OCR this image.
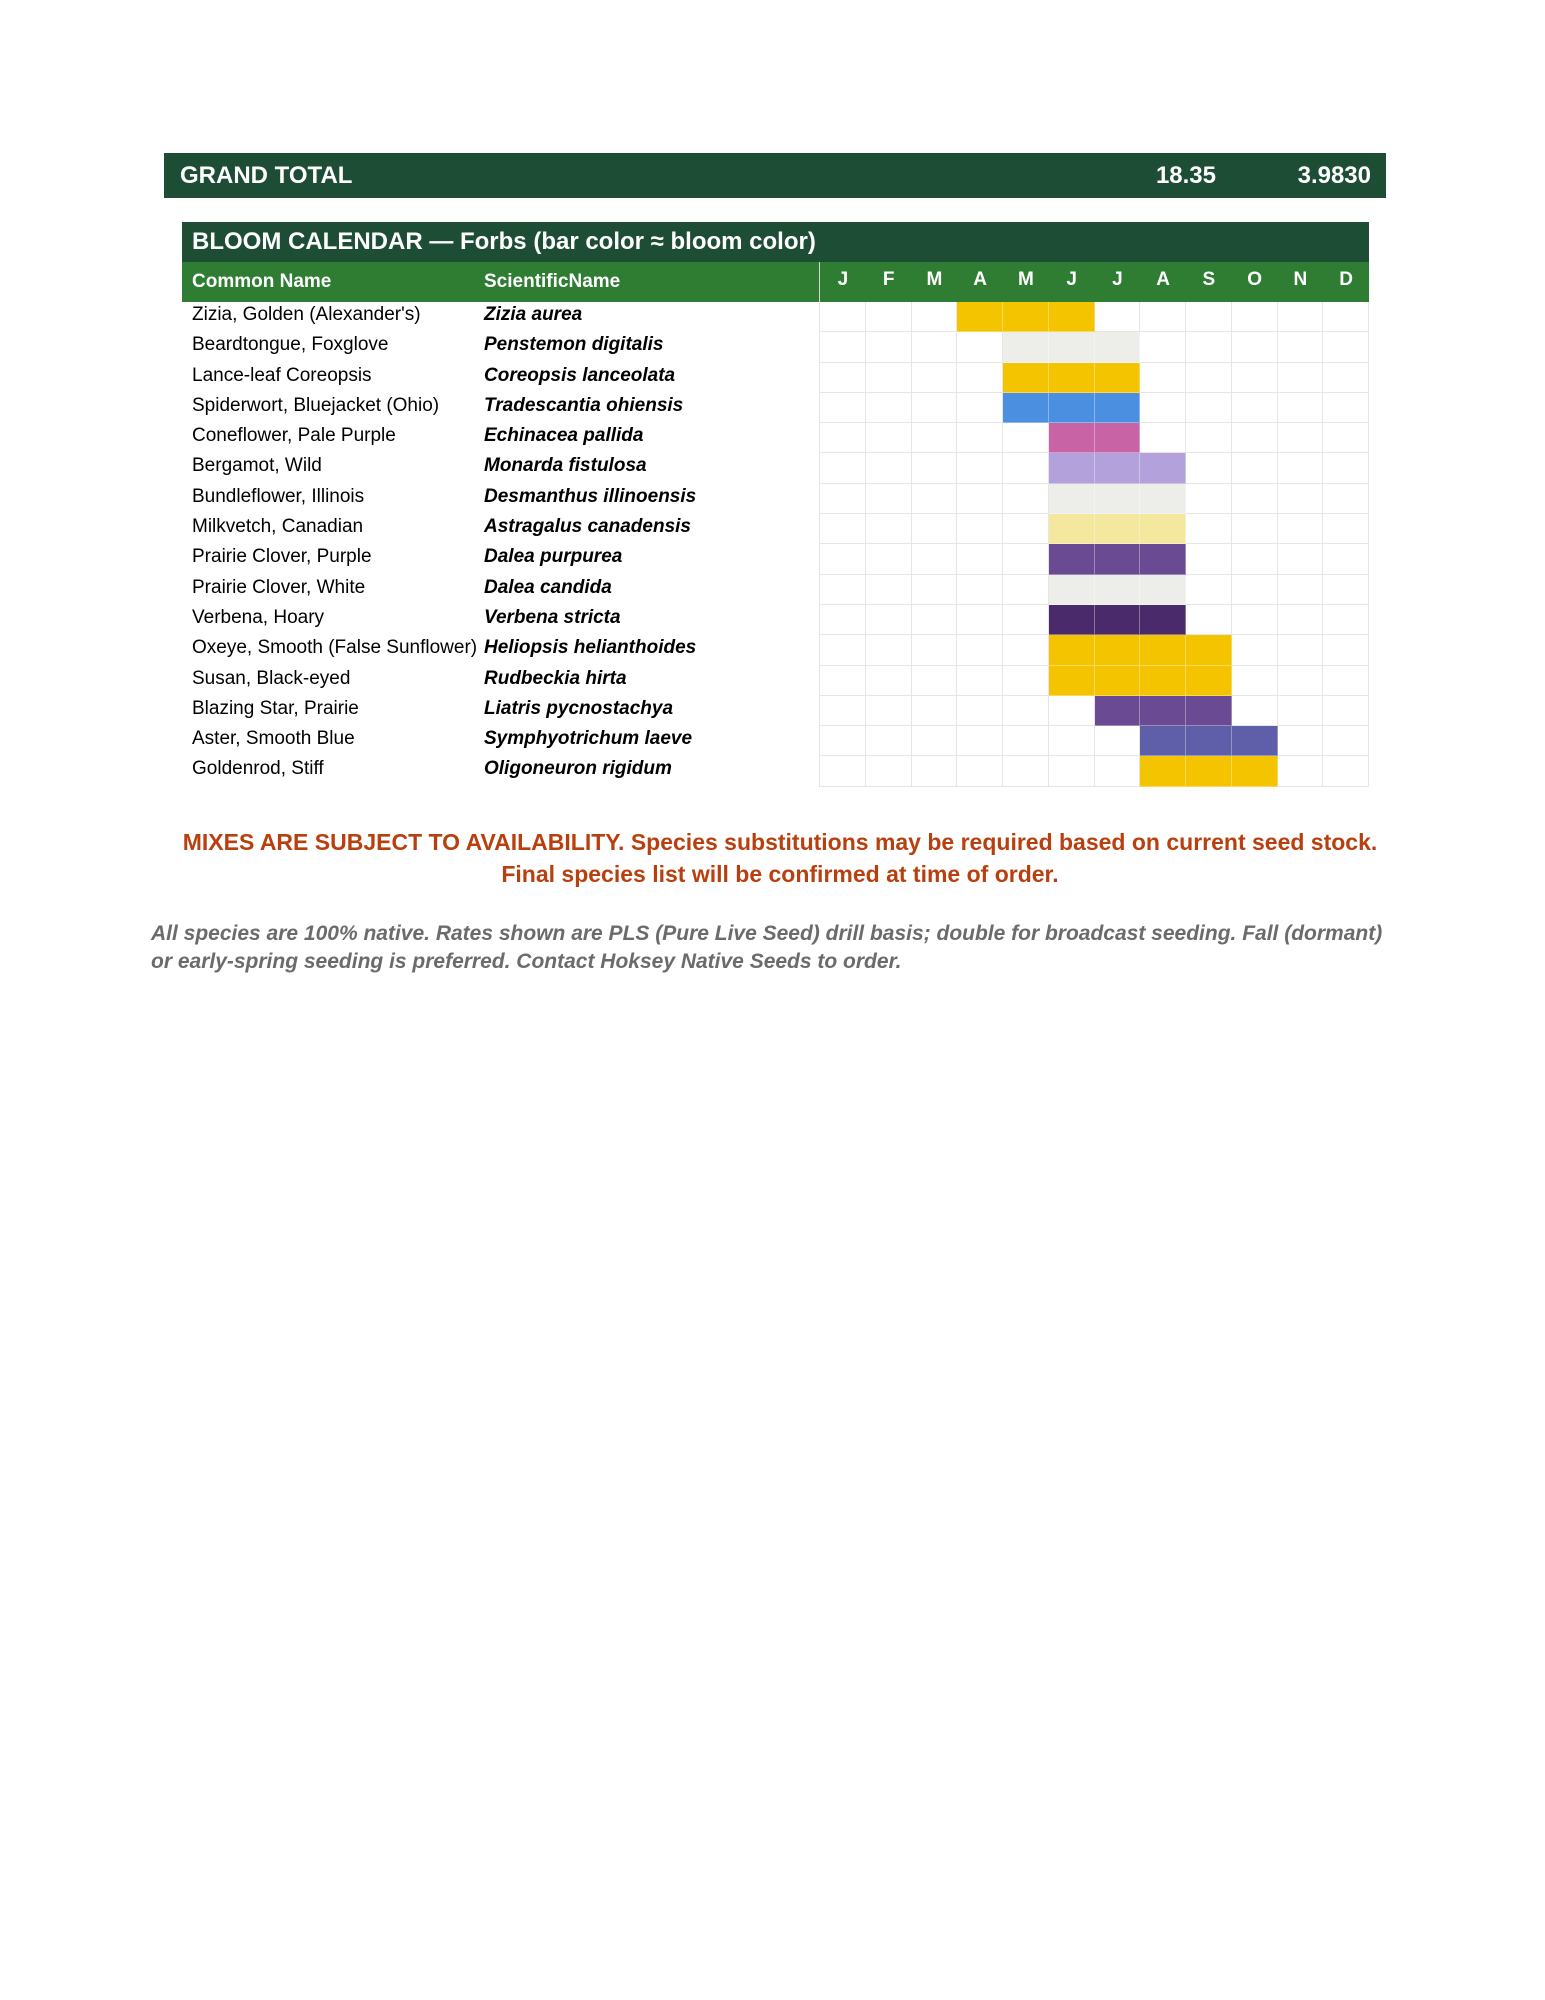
GRAND TOTAL	18.35	3.9830
BLOOM CALENDAR — Forbs (bar color ≈ bloom color)
Common Name	ScientificName	J	F	M	A	M	J	J	A	S	O	N	D
Zizia, Golden (Alexander's)	Zizia aurea
Beardtongue, Foxglove	Penstemon digitalis
Lance-leaf Coreopsis	Coreopsis lanceolata
Spiderwort, Bluejacket (Ohio)	Tradescantia ohiensis
Coneflower, Pale Purple	Echinacea pallida
Bergamot, Wild	Monarda fistulosa
Bundleflower, Illinois	Desmanthus illinoensis
Milkvetch, Canadian	Astragalus canadensis
Prairie Clover, Purple	Dalea purpurea
Prairie Clover, White	Dalea candida
Verbena, Hoary	Verbena stricta
Oxeye, Smooth (False Sunflower) Heliopsis helianthoides
Susan, Black-eyed	Rudbeckia hirta
Blazing Star, Prairie	Liatris pycnostachya
Aster, Smooth Blue	Symphyotrichum laeve
Goldenrod, Stiff	Oligoneuron rigidum
MIXES ARE SUBJECT TO AVAILABILITY. Species substitutions may be required based on current seed stock. Final species list will be confirmed at time of order.
All species are 100% native. Rates shown are PLS (Pure Live Seed) drill basis; double for broadcast seeding. Fall (dormant) or early-spring seeding is preferred. Contact Hoksey Native Seeds to order.
